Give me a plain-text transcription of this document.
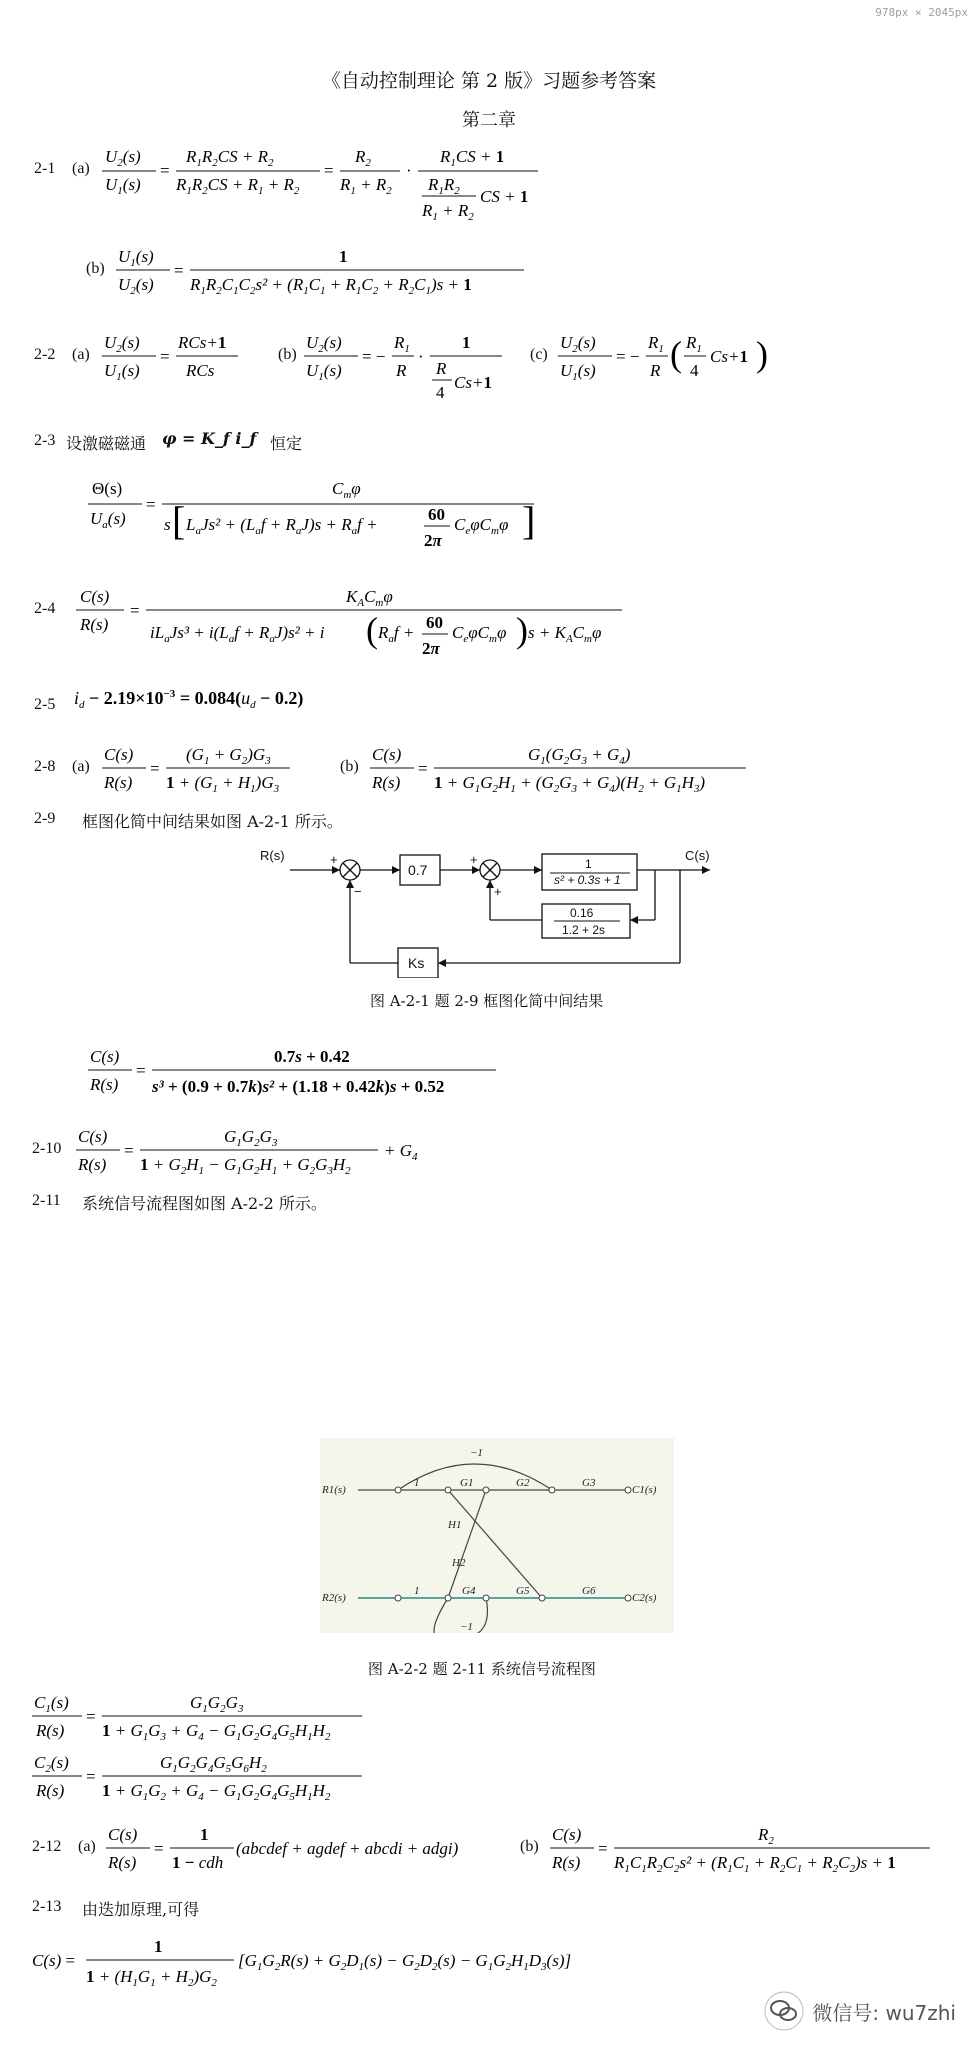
978px × 2045px
《自动控制理论 第 2 版》习题参考答案
第二章
2-1 (a)
$U_2(s)$
$U_1(s)$
=
$R_1R_2CS + R_2$
$R_1R_2CS + R_1 + R_2$
=
$R_2$
$R_1 + R_2$
·
$R_1CS + 1$
$R_1R_2$
$R_1 + R_2$
CS + 1
(b)
$U_1(s)$
$U_2(s)$
=
1
$R_1R_2C_1C_2s^2 + (R_1C_1 + R_1C_2 + R_2C_1)s + 1$
2-2 (a)
$U_2(s)$
$U_1(s)$
=
RCs+1
RCs
(b)
$U_2(s)$
$U_1(s)$
= −
$R_1$
R
·
1
R
4
Cs+1
(c)
$U_2(s)$
$U_1(s)$
= −
$R_1$
R ( $R_1$
4
Cs+1 )
2-3 设激磁磁通 φ = K_f i_f 恒定
Θ(s)
$U_a(s)$
=
$C_m\varphi$
s [ $L_aJs^2 + (L_af + R_aJ)s + R_af$ +
60
2π
$C_e\varphi C_m\varphi$ ]
2-4
C(s)
R(s)
=
$K_AC_m\varphi$
$iL_aJs^3 + i(L_af + R_aJ)s^2 + i$ ( $R_af$ +
60
2π
$C_e\varphi C_m\varphi$ ) $s + K_AC_m\varphi$
2-5 $i_d - 2.19\times 10^{-3} = 0.084(u_d - 0.2)$
2-8 (a)
C(s)
R(s)
=
$(G_1 + G_2)G_3$
$1 + (G_1 + H_1)G_3$
(b)
C(s)
R(s)
=
$G_1(G_2G_3 + G_4)$
$1 + G_1G_2H_1 + (G_2G_3 + G_4)(H_2 + G_1H_3)$
2-9 框图化简中间结果如图 A-2-1 所示。
R(s)	C(s)
+
−
+
+
0.7
Ks
1
s² + 0.3s + 1
0.16
1.2 + 2s
图 A-2-1 题 2-9 框图化简中间结果
C(s)
R(s)
=
0.7s + 0.42
s³ + (0.9 + 0.7k)s² + (1.18 + 0.42k)s + 0.52
2-10
C(s)
R(s)
=
$G_1G_2G_3$
$1 + G_2H_1 - G_1G_2H_1 + G_2G_3H_2$
+ $G_4$
2-11 系统信号流程图如图 A-2-2 所示。
R1(s)
1	G1	G2	G3
C1(s)
H1
H2
R2(s)
1	G4	G5	G6
C2(s)
−1
−1
图 A-2-2 题 2-11 系统信号流程图
$C_1(s)$
R(s)
=
$G_1G_2G_3$
$1 + G_1G_3 + G_4 - G_1G_2G_4G_5H_1H_2$
$C_2(s)$
R(s)
=
$G_1G_2G_4G_5G_6H_2$
$1 + G_1G_2 + G_4 - G_1G_2G_4G_5H_1H_2$
2-12 (a)
C(s)
R(s)
=
1
1 − cdh
(abcdef + agdef + abcdi + adgi)	(b)
C(s)
R(s)
=
$R_2$
$R_1C_1R_2C_2s^2 + (R_1C_1 + R_2C_1 + R_2C_2)s + 1$
2-13 由迭加原理,可得
C(s) =
1
$1 + (H_1G_1 + H_2)G_2$
$[G_1G_2R(s) + G_2D_1(s) - G_2D_2(s) - G_1G_2H_1D_3(s)]$
微信号: wu7zhi
